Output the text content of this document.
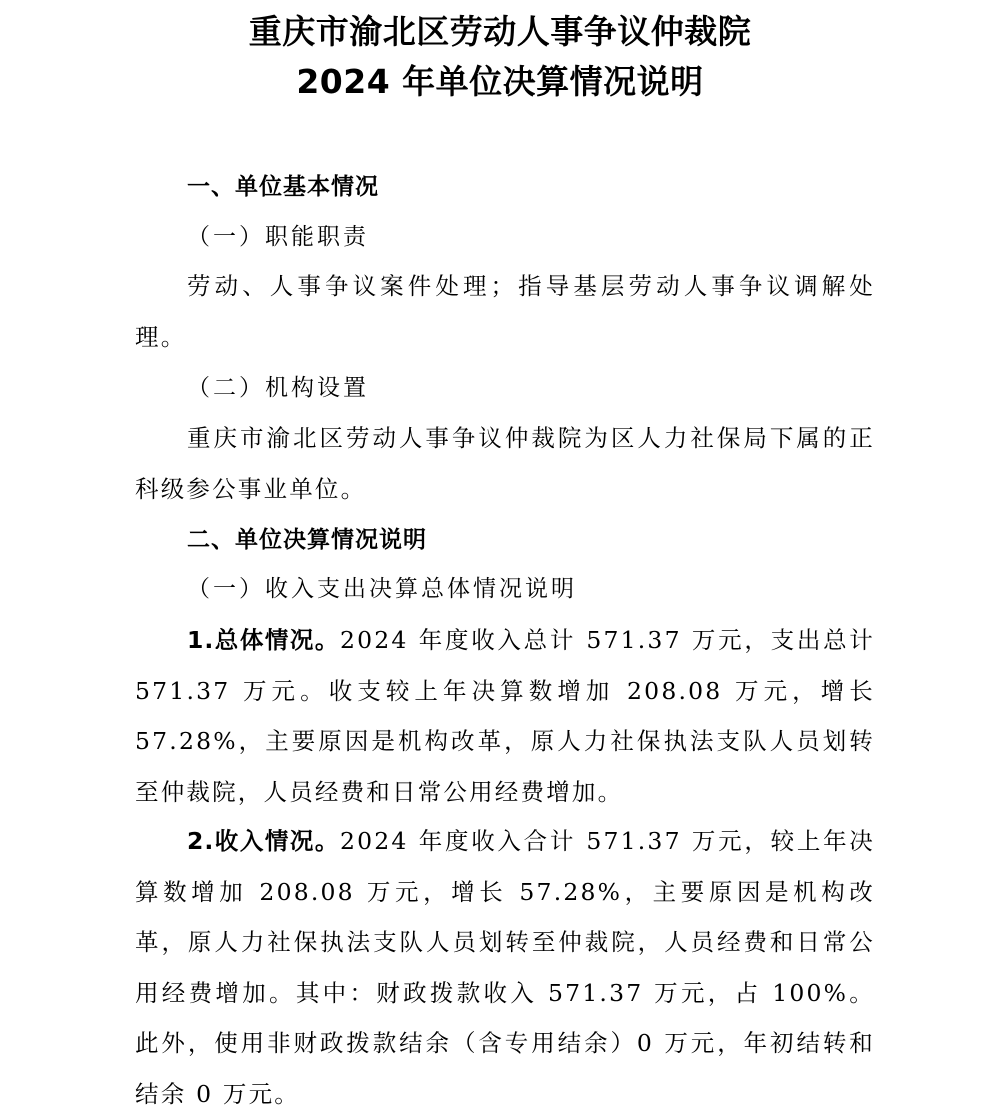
重庆市渝北区劳动人事争议仲裁院
2024 年单位决算情况说明
一、单位基本情况
（一）职能职责

劳动、人事争议案件处理；指导基层劳动人事争议调解处理。

（二）机构设置

重庆市渝北区劳动人事争议仲裁院为区人力社保局下属的正科级参公事业单位。

二、单位决算情况说明
（一）收入支出决算总体情况说明

1.总体情况。2024 年度收入总计 571.37 万元，支出总计 571.37 万元。收支较上年决算数增加 208.08 万元，增长 57.28%，主要原因是机构改革，原人力社保执法支队人员划转至仲裁院，人员经费和日常公用经费增加。

2.收入情况。2024 年度收入合计 571.37 万元，较上年决算数增加 208.08 万元，增长 57.28%，主要原因是机构改革，原人力社保执法支队人员划转至仲裁院，人员经费和日常公用经费增加。其中：财政拨款收入 571.37 万元，占 100%。此外，使用非财政拨款结余（含专用结余）0 万元，年初结转和结余 0 万元。
